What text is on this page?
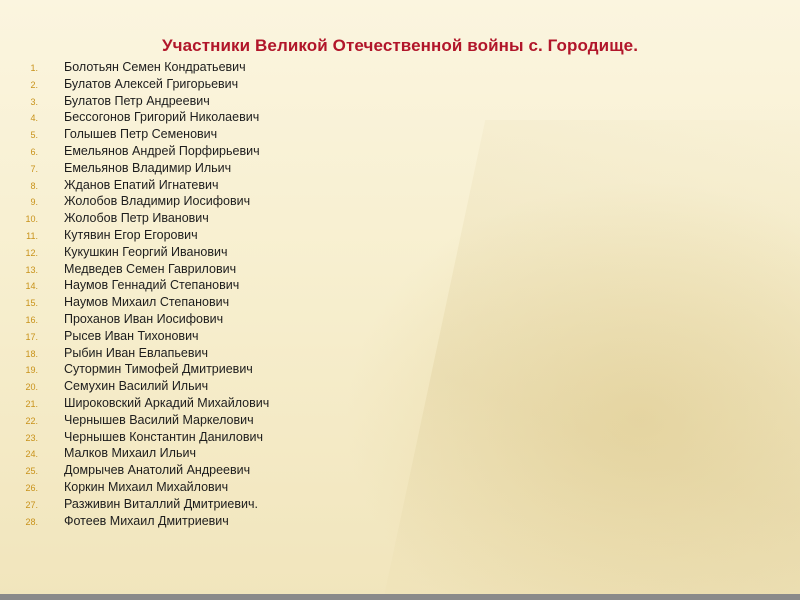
Участники Великой Отечественной войны с. Городище.
1. Болотьян Семен Кондратьевич
2. Булатов Алексей Григорьевич
3. Булатов Петр Андреевич
4. Бессогонов Григорий Николаевич
5. Голышев Петр Семенович
6. Емельянов Андрей Порфирьевич
7. Емельянов Владимир Ильич
8. Жданов Епатий Игнатевич
9. Жолобов Владимир Иосифович
10. Жолобов Петр Иванович
11. Кутявин Егор Егорович
12. Кукушкин Георгий Иванович
13. Медведев Семен Гаврилович
14. Наумов Геннадий Степанович
15. Наумов Михаил Степанович
16. Проханов Иван Иосифович
17. Рысев Иван Тихонович
18. Рыбин Иван Евлапьевич
19. Сутормин Тимофей Дмитриевич
20. Семухин Василий Ильич
21. Широковский Аркадий Михайлович
22. Чернышев Василий Маркелович
23. Чернышев Константин Данилович
24. Малков Михаил Ильич
25. Домрычев Анатолий Андреевич
26. Коркин Михаил Михайлович
27. Разживин Виталлий Дмитриевич.
28. Фотеев Михаил Дмитриевич
